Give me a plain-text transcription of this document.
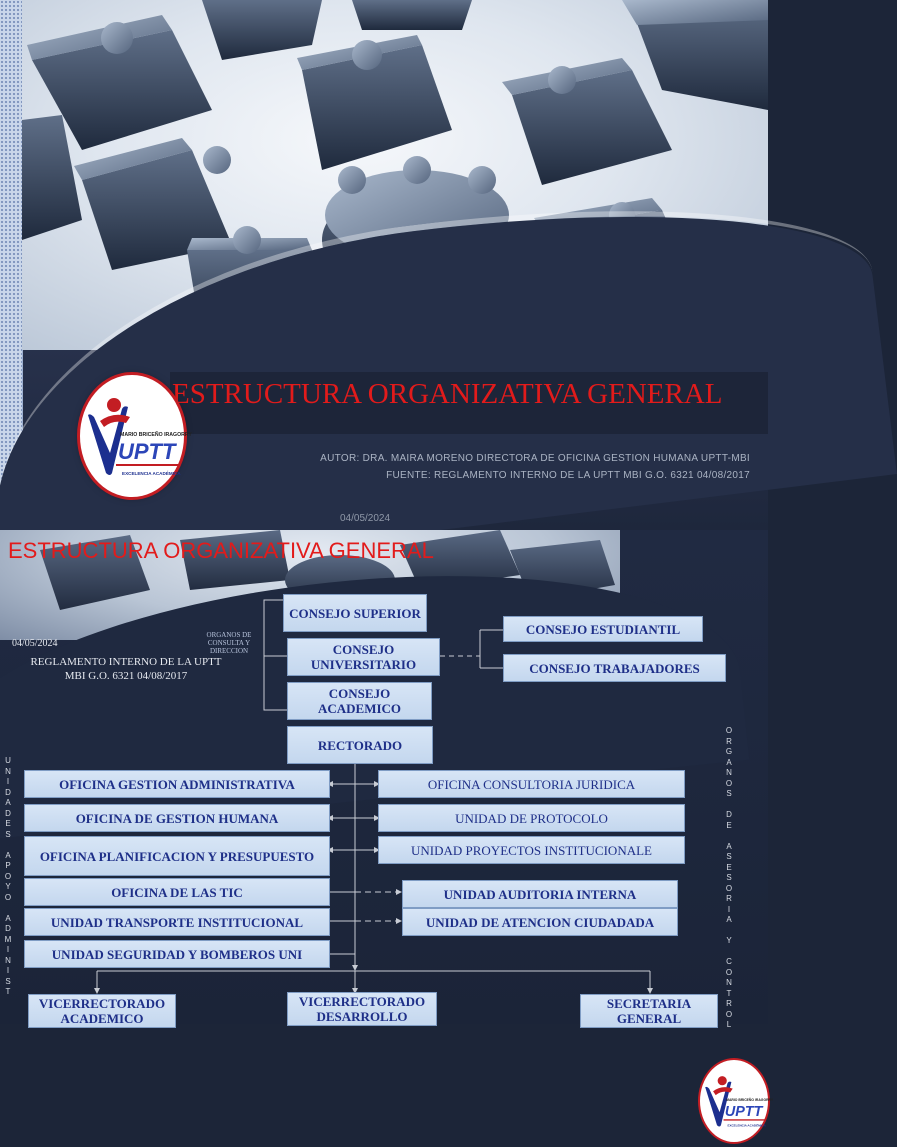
ESTRUCTURA ORGANIZATIVA GENERAL
MARIO BRICEÑO IRAGORRY
UPTT
EXCELENCIA ACADÉMICA
AUTOR: DRA. MAIRA MORENO DIRECTORA DE OFICINA GESTION HUMANA UPTT-MBI
FUENTE: REGLAMENTO INTERNO DE LA UPTT MBI G.O. 6321 04/08/2017
04/05/2024
ESTRUCTURA ORGANIZATIVA GENERAL
MARIO BRICEÑO IRAGORRY
UPTT
EXCELENCIA ACADÉMICA
04/05/2024
REGLAMENTO INTERNO DE LA UPTT
MBI G.O. 6321 04/08/2017
ORGANOS DE CONSULTA Y DIRECCION
CONSEJO SUPERIOR
CONSEJO UNIVERSITARIO
CONSEJO ACADEMICO
RECTORADO
CONSEJO ESTUDIANTIL
CONSEJO TRABAJADORES
OFICINA GESTION ADMINISTRATIVA
OFICINA DE GESTION HUMANA
OFICINA PLANIFICACION Y PRESUPUESTO
OFICINA DE LAS TIC
UNIDAD TRANSPORTE INSTITUCIONAL
UNIDAD SEGURIDAD Y BOMBEROS UNI
OFICINA CONSULTORIA JURIDICA
UNIDAD DE PROTOCOLO
UNIDAD PROYECTOS INSTITUCIONALE
UNIDAD AUDITORIA INTERNA
UNIDAD DE ATENCION CIUDADADA
U
N
I
D
A
D
E
S

A
P
O
Y
O

A
D
M
I
N
I
S
T
O
R
G
A
N
O
S

D
E

A
S
E
S
O
R
I
A

Y

C
O
N
T
R
O
L
VICERRECTORADO ACADEMICO
VICERRECTORADO DESARROLLO
SECRETARIA GENERAL
